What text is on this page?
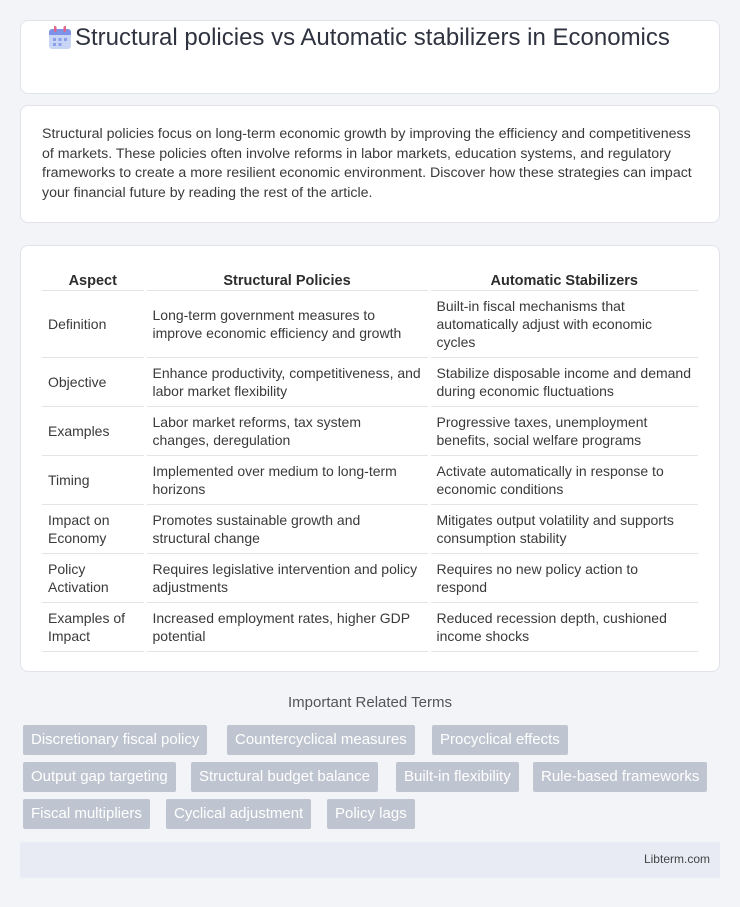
Structural policies vs Automatic stabilizers in Economics

Structural policies focus on long-term economic growth by improving the efficiency and competitiveness of markets. These policies often involve reforms in labor markets, education systems, and regulatory frameworks to create a more resilient economic environment. Discover how these strategies can impact your financial future by reading the rest of the article.

Aspect	Structural Policies	Automatic Stabilizers
Definition	Long-term government measures to improve economic efficiency and growth	Built-in fiscal mechanisms that automatically adjust with economic cycles
Objective	Enhance productivity, competitiveness, and labor market flexibility	Stabilize disposable income and demand during economic fluctuations
Examples	Labor market reforms, tax system changes, deregulation	Progressive taxes, unemployment benefits, social welfare programs
Timing	Implemented over medium to long-term horizons	Activate automatically in response to economic conditions
Impact on Economy	Promotes sustainable growth and structural change	Mitigates output volatility and supports consumption stability
Policy Activation	Requires legislative intervention and policy adjustments	Requires no new policy action to respond
Examples of Impact	Increased employment rates, higher GDP potential	Reduced recession depth, cushioned income shocks
Important Related Terms
Discretionary fiscal policy	Countercyclical measures	Procyclical effects
Output gap targeting	Structural budget balance	Built-in flexibility	Rule-based frameworks
Fiscal multipliers	Cyclical adjustment	Policy lags
Libterm.com
